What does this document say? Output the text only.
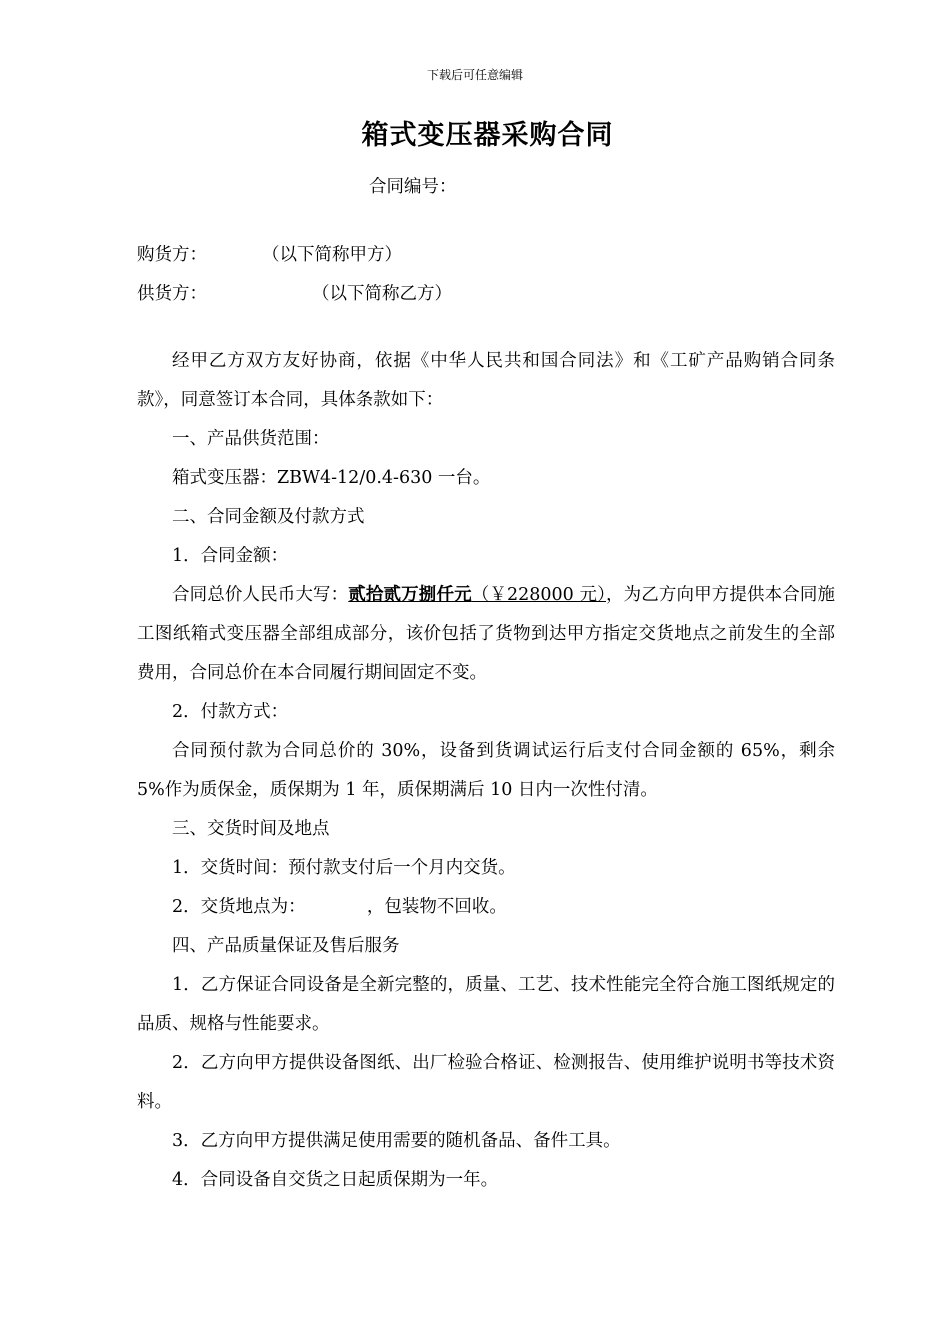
下载后可任意编辑
箱式变压器采购合同
合同编号：
购货方：	（以下简称甲方）
供货方：	（以下简称乙方）

经甲乙方双方友好协商，依据《中华人民共和国合同法》和《工矿产品购销合同条款》，同意签订本合同，具体条款如下：

一、产品供货范围：

箱式变压器：ZBW4-12/0.4-630 一台。

二、合同金额及付款方式

1．合同金额：

合同总价人民币大写：贰拾贰万捌仟元（￥228000 元），为乙方向甲方提供本合同施工图纸箱式变压器全部组成部分，该价包括了货物到达甲方指定交货地点之前发生的全部费用，合同总价在本合同履行期间固定不变。

2．付款方式：

合同预付款为合同总价的 30%，设备到货调试运行后支付合同金额的 65%，剩余 5%作为质保金，质保期为 1 年，质保期满后 10 日内一次性付清。

三、交货时间及地点

1．交货时间：预付款支付后一个月内交货。

2．交货地点为：　　　　，包装物不回收。

四、产品质量保证及售后服务

1．乙方保证合同设备是全新完整的，质量、工艺、技术性能完全符合施工图纸规定的品质、规格与性能要求。

2．乙方向甲方提供设备图纸、出厂检验合格证、检测报告、使用维护说明书等技术资料。

3．乙方向甲方提供满足使用需要的随机备品、备件工具。

4．合同设备自交货之日起质保期为一年。
